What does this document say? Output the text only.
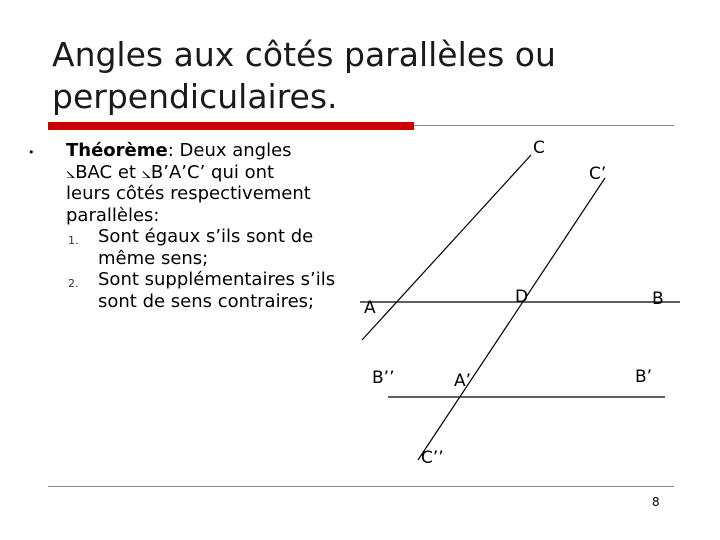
Angles aux côtés parallèles ou
perpendiculaires.
• Théorème: Deux angles
⦣BAC et ⦣B’A’C’ qui ont
leurs côtés respectivement
parallèles:
1. Sont égaux s’ils sont de même sens;
2. Sont supplémentaires s’ils sont de sens contraires;
C
C’
A
D	B
B’’	A’	B’
C’’
8
